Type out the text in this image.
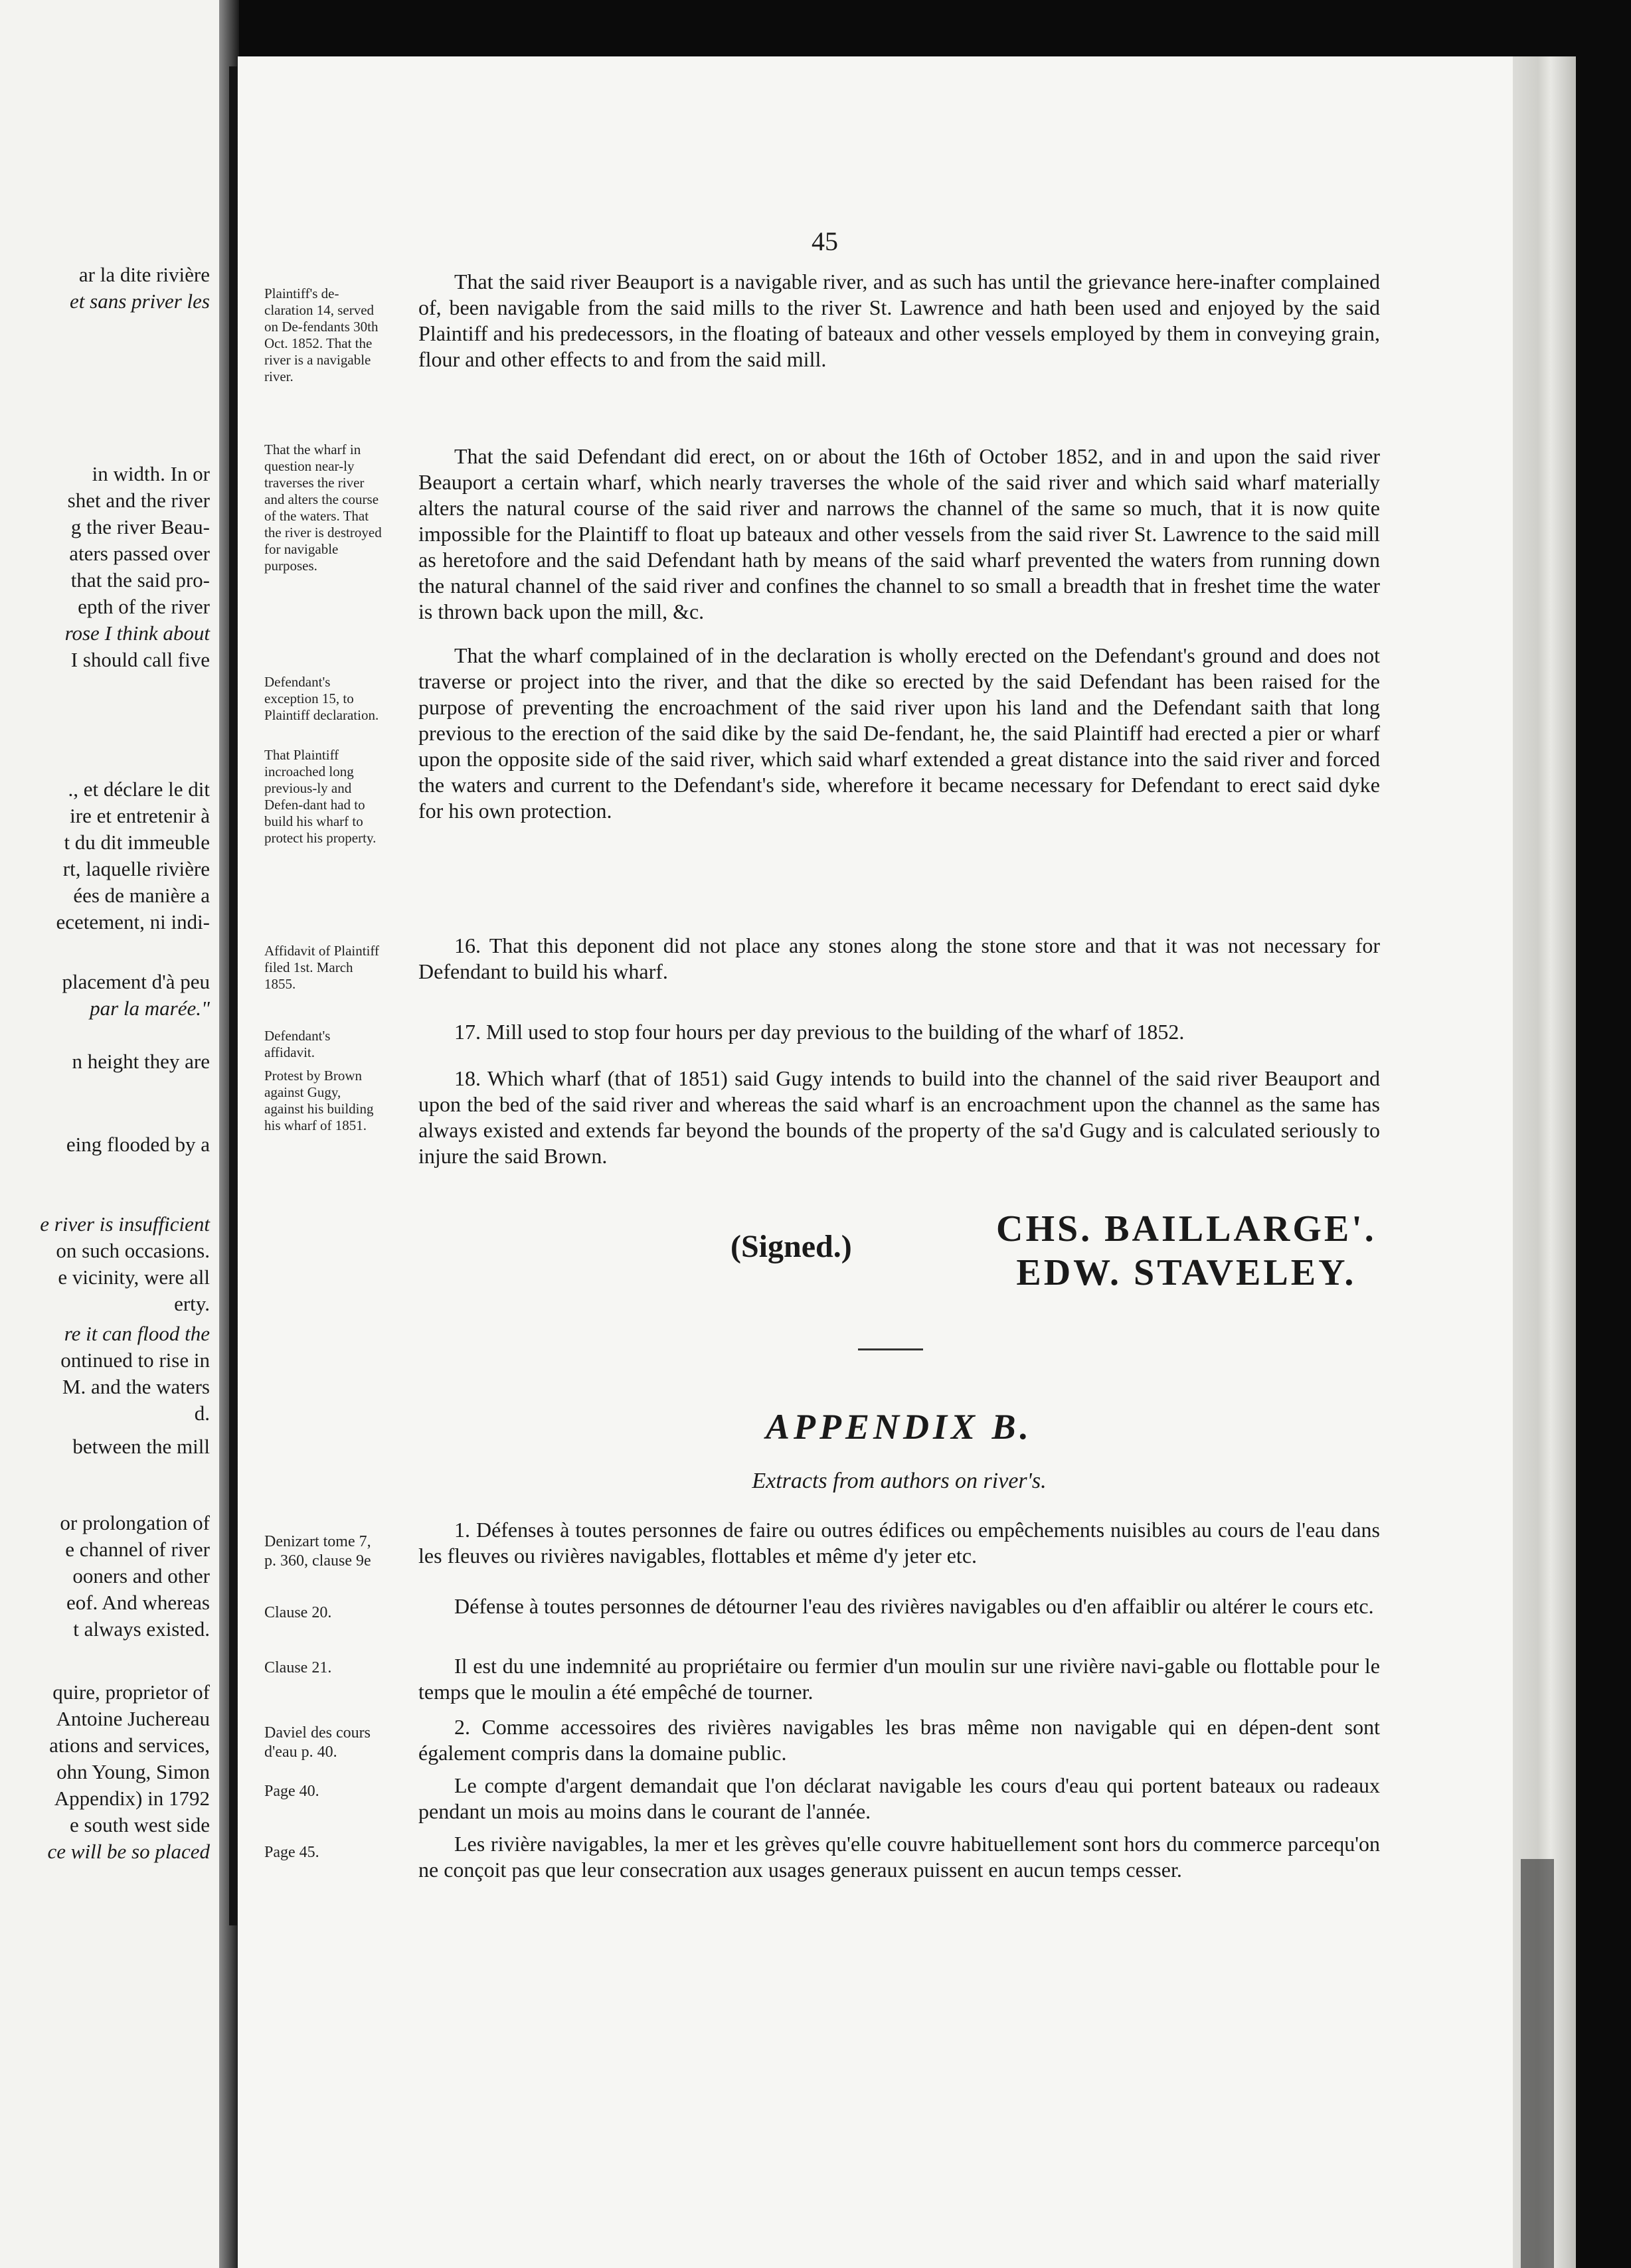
ar la dite rivière
et sans priver les
in width. In or
shet and the river
g the river Beau-
aters passed over
that the said pro-
epth of the river
rose I think about
I should call five
., et déclare le dit
ire et entretenir à
t du dit immeuble
rt, laquelle rivière
ées de manière a
ecetement, ni indi-
placement d'à peu
par la marée."
n height they are
eing flooded by a
e river is insufficient
on such occasions.
e vicinity, were all
erty.
re it can flood the
ontinued to rise in
M. and the waters
d.
between the mill
or prolongation of
e channel of river
ooners and other
eof. And whereas
t always existed.
quire, proprietor of
Antoine Juchereau
ations and services,
ohn Young, Simon
Appendix) in 1792
e south west side
ce will be so placed
45
Plaintiff's de-claration 14, served on De-fendants 30th Oct. 1852. That the river is a navigable river.
That the wharf in question near-ly traverses the river and alters the course of the waters. That the river is destroyed for navigable purposes.
Defendant's exception 15, to Plaintiff declaration.
That Plaintiff incroached long previous-ly and Defen-dant had to build his wharf to protect his property.
Affidavit of Plaintiff filed 1st. March 1855.
Defendant's affidavit.
Protest by Brown against Gugy, against his building his wharf of 1851.
Denizart tome 7, p. 360, clause 9e
Clause 20.
Clause 21.
Daviel des cours d'eau p. 40.
Page 40.
Page 45.

That the said river Beauport is a navigable river, and as such has until the grievance here-inafter complained of, been navigable from the said mills to the river St. Lawrence and hath been used and enjoyed by the said Plaintiff and his predecessors, in the floating of bateaux and other vessels employed by them in conveying grain, flour and other effects to and from the said mill.

That the said Defendant did erect, on or about the 16th of October 1852, and in and upon the said river Beauport a certain wharf, which nearly traverses the whole of the said river and which said wharf materially alters the natural course of the said river and narrows the channel of the same so much, that it is now quite impossible for the Plaintiff to float up bateaux and other vessels from the said river St. Lawrence to the said mill as heretofore and the said Defendant hath by means of the said wharf prevented the waters from running down the natural channel of the said river and confines the channel to so small a breadth that in freshet time the water is thrown back upon the mill, &c.

That the wharf complained of in the declaration is wholly erected on the Defendant's ground and does not traverse or project into the river, and that the dike so erected by the said Defendant has been raised for the purpose of preventing the encroachment of the said river upon his land and the Defendant saith that long previous to the erection of the said dike by the said De-fendant, he, the said Plaintiff had erected a pier or wharf upon the opposite side of the said river, which said wharf extended a great distance into the said river and forced the waters and current to the Defendant's side, wherefore it became necessary for Defendant to erect said dyke for his own protection.

16. That this deponent did not place any stones along the stone store and that it was not necessary for Defendant to build his wharf.

17. Mill used to stop four hours per day previous to the building of the wharf of 1852.

18. Which wharf (that of 1851) said Gugy intends to build into the channel of the said river Beauport and upon the bed of the said river and whereas the said wharf is an encroachment upon the channel as the same has always existed and extends far beyond the bounds of the property of the sa'd Gugy and is calculated seriously to injure the said Brown.

1. Défenses à toutes personnes de faire ou outres édifices ou empêchements nuisibles au cours de l'eau dans les fleuves ou rivières navigables, flottables et même d'y jeter etc.

Défense à toutes personnes de détourner l'eau des rivières navigables ou d'en affaiblir ou altérer le cours etc.

Il est du une indemnité au propriétaire ou fermier d'un moulin sur une rivière navi-gable ou flottable pour le temps que le moulin a été empêché de tourner.

2. Comme accessoires des rivières navigables les bras même non navigable qui en dépen-dent sont également compris dans la domaine public.

Le compte d'argent demandait que l'on déclarat navigable les cours d'eau qui portent bateaux ou radeaux pendant un mois au moins dans le courant de l'année.

Les rivière navigables, la mer et les grèves qu'elle couvre habituellement sont hors du commerce parcequ'on ne conçoit pas que leur consecration aux usages generaux puissent en aucun temps cesser.

(Signed.)	CHS. BAILLARGE'.
EDW. STAVELEY.
APPENDIX B.
Extracts from authors on river's.
